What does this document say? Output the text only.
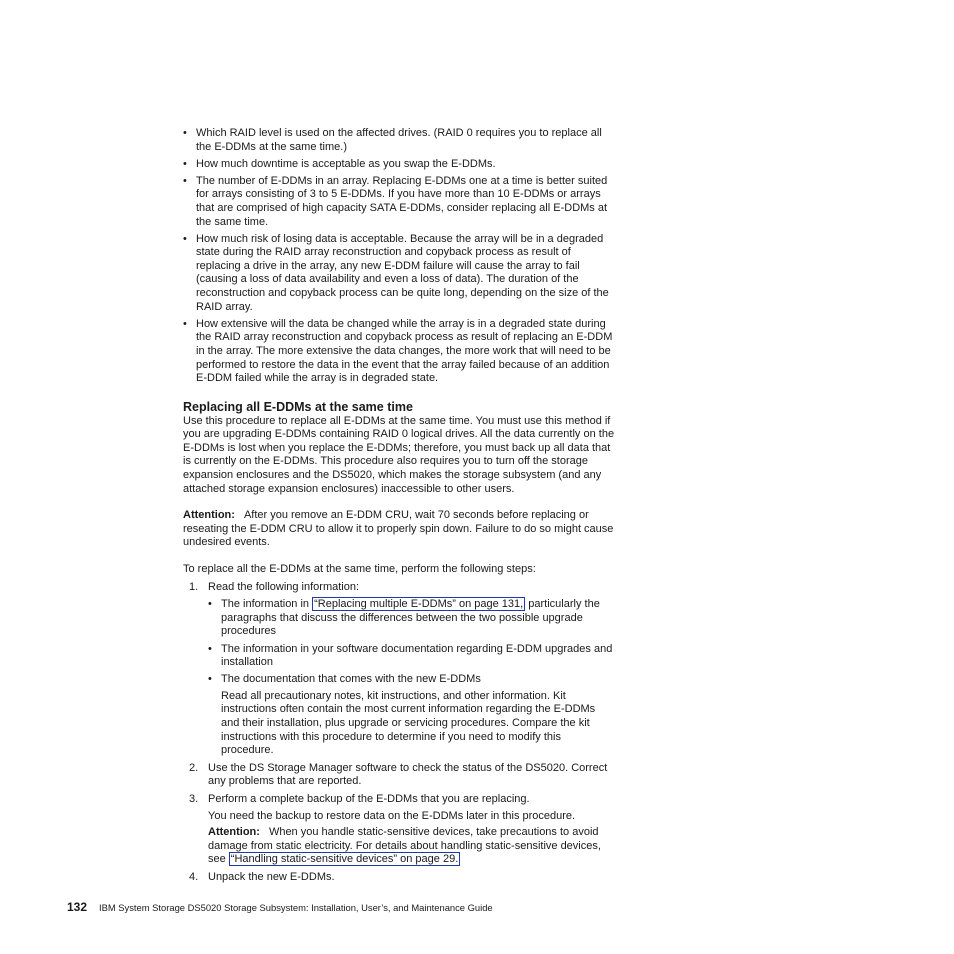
• Which RAID level is used on the affected drives. (RAID 0 requires you to replace all the E-DDMs at the same time.)
• How much downtime is acceptable as you swap the E-DDMs.
• The number of E-DDMs in an array. Replacing E-DDMs one at a time is better suited for arrays consisting of 3 to 5 E-DDMs. If you have more than 10 E-DDMs or arrays that are comprised of high capacity SATA E-DDMs, consider replacing all E-DDMs at the same time.
• How much risk of losing data is acceptable. Because the array will be in a degraded state during the RAID array reconstruction and copyback process as result of replacing a drive in the array, any new E-DDM failure will cause the array to fail (causing a loss of data availability and even a loss of data). The duration of the reconstruction and copyback process can be quite long, depending on the size of the RAID array.
• How extensive will the data be changed while the array is in a degraded state during the RAID array reconstruction and copyback process as result of replacing an E-DDM in the array. The more extensive the data changes, the more work that will need to be performed to restore the data in the event that the array failed because of an addition E-DDM failed while the array is in degraded state.
Replacing all E-DDMs at the same time

Use this procedure to replace all E-DDMs at the same time. You must use this method if you are upgrading E-DDMs containing RAID 0 logical drives. All the data currently on the E-DDMs is lost when you replace the E-DDMs; therefore, you must back up all data that is currently on the E-DDMs. This procedure also requires you to turn off the storage expansion enclosures and the DS5020, which makes the storage subsystem (and any attached storage expansion enclosures) inaccessible to other users.

Attention: After you remove an E-DDM CRU, wait 70 seconds before replacing or reseating the E-DDM CRU to allow it to properly spin down. Failure to do so might cause undesired events.

To replace all the E-DDMs at the same time, perform the following steps:

1. Read the following information:
• The information in “Replacing multiple E-DDMs” on page 131, particularly the paragraphs that discuss the differences between the two possible upgrade procedures
• The information in your software documentation regarding E-DDM upgrades and installation
• The documentation that comes with the new E-DDMs

Read all precautionary notes, kit instructions, and other information. Kit instructions often contain the most current information regarding the E-DDMs and their installation, plus upgrade or servicing procedures. Compare the kit instructions with this procedure to determine if you need to modify this procedure.

2. Use the DS Storage Manager software to check the status of the DS5020. Correct any problems that are reported.
3. Perform a complete backup of the E-DDMs that you are replacing.

You need the backup to restore data on the E-DDMs later in this procedure.

Attention: When you handle static-sensitive devices, take precautions to avoid damage from static electricity. For details about handling static-sensitive devices, see “Handling static-sensitive devices” on page 29.

4. Unpack the new E-DDMs.
132 IBM System Storage DS5020 Storage Subsystem: Installation, User’s, and Maintenance Guide
